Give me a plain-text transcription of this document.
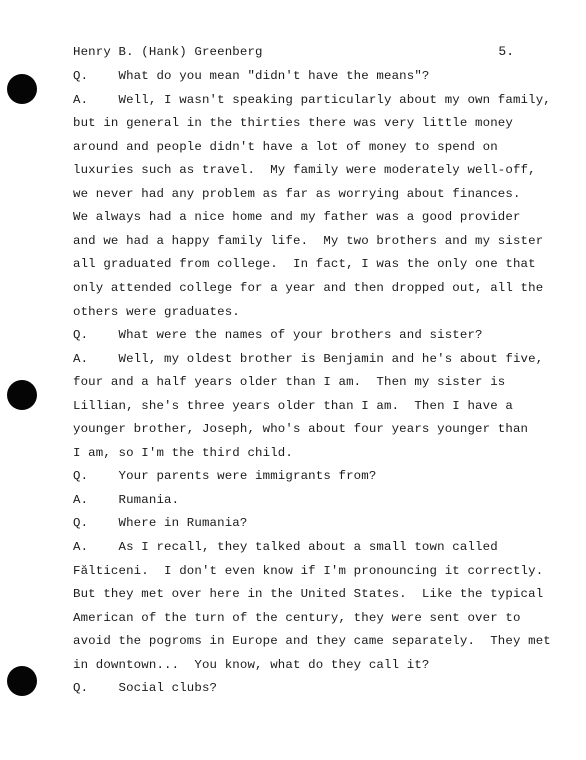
Henry B. (Hank) Greenberg	5.
Q.    What do you mean "didn't have the means"?
A.    Well, I wasn't speaking particularly about my own family,
but in general in the thirties there was very little money
around and people didn't have a lot of money to spend on
luxuries such as travel.  My family were moderately well-off,
we never had any problem as far as worrying about finances.
We always had a nice home and my father was a good provider
and we had a happy family life.  My two brothers and my sister
all graduated from college.  In fact, I was the only one that
only attended college for a year and then dropped out, all the
others were graduates.
Q.    What were the names of your brothers and sister?
A.    Well, my oldest brother is Benjamin and he's about five,
four and a half years older than I am.  Then my sister is
Lillian, she's three years older than I am.  Then I have a
younger brother, Joseph, who's about four years younger than
I am, so I'm the third child.
Q.    Your parents were immigrants from?
A.    Rumania.
Q.    Where in Rumania?
A.    As I recall, they talked about a small town called
Fălticeni.  I don't even know if I'm pronouncing it correctly.
But they met over here in the United States.  Like the typical
American of the turn of the century, they were sent over to
avoid the pogroms in Europe and they came separately.  They met
in downtown...  You know, what do they call it?
Q.    Social clubs?
